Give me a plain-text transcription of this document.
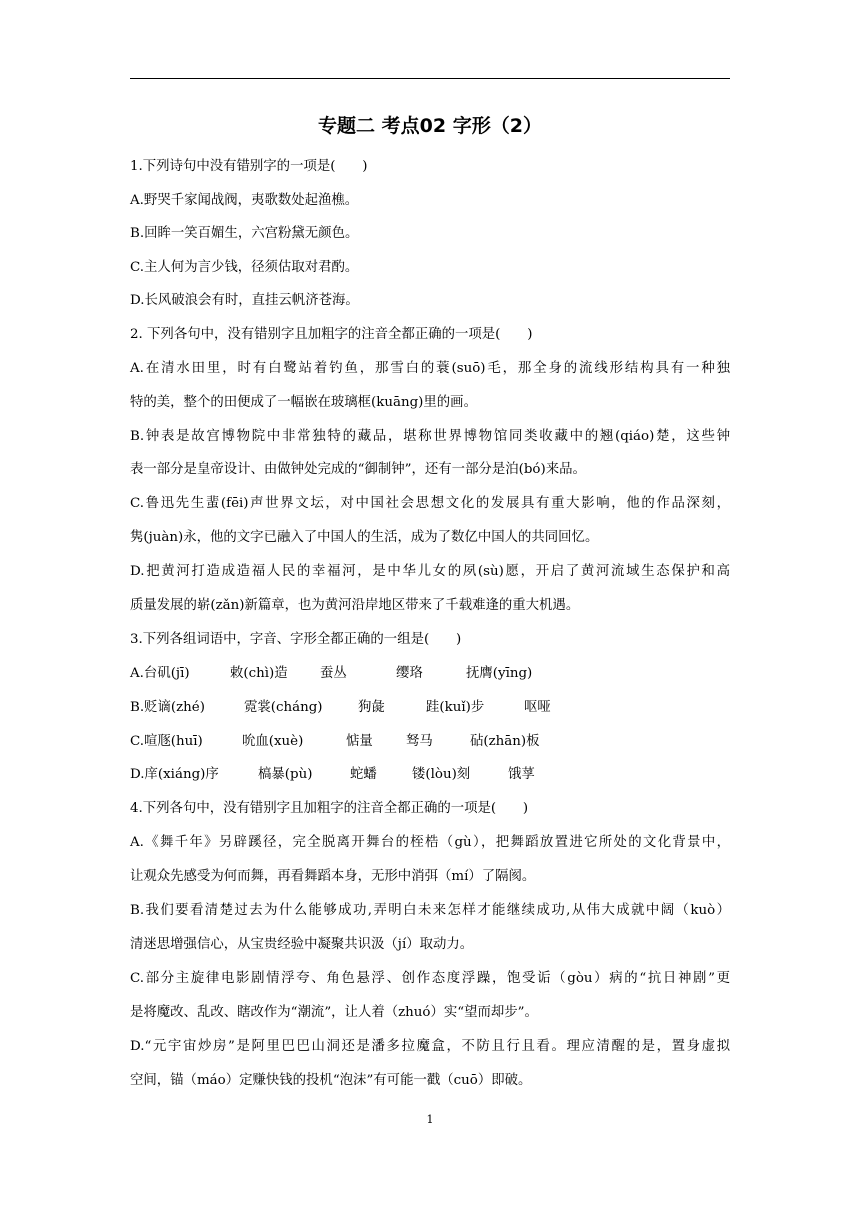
专题二 考点02 字形（2）
1.下列诗句中没有错别字的一项是(　　)
A.野哭千家闻战阀，夷歌数处起渔樵。
B.回眸一笑百媚生，六宫粉黛无颜色。
C.主人何为言少钱，径须估取对君酌。
D.长风破浪会有时，直挂云帆济苍海。
2. 下列各句中，没有错别字且加粗字的注音全都正确的一项是(　　)
A.在清水田里，时有白鹭站着钓鱼，那雪白的蓑(suō)毛，那全身的流线形结构具有一种独
特的美，整个的田便成了一幅嵌在玻璃框(kuāng)里的画。
B.钟表是故宫博物院中非常独特的藏品，堪称世界博物馆同类收藏中的翘(qiáo)楚，这些钟
表一部分是皇帝设计、由做钟处完成的“御制钟”，还有一部分是泊(bó)来品。
C.鲁迅先生蜚(fēi)声世界文坛，对中国社会思想文化的发展具有重大影响，他的作品深刻，
隽(juàn)永，他的文字已融入了中国人的生活，成为了数亿中国人的共同回忆。
D.把黄河打造成造福人民的幸福河，是中华儿女的夙(sù)愿，开启了黄河流域生态保护和高
质量发展的崭(zǎn)新篇章，也为黄河沿岸地区带来了千载难逢的重大机遇。
3.下列各组词语中，字音、字形全都正确的一组是(　　)
A.台矶(jī)	敕(chì)造 蚕丛	缨珞	抚膺(yīng)
B.贬谪(zhé)	霓裳(cháng)	狗彘	跬(kuǐ)步	呕哑
C.喧豗(huī)	吮血(xuè)	惦量 驽马	砧(zhān)板
D.庠(xiáng)序	槁暴(pù)	蛇蟠	镂(lòu)刻	饿莩
4.下列各句中，没有错别字且加粗字的注音全都正确的一项是(　　)
A.《舞千年》另辟蹊径，完全脱离开舞台的桎梏（gù），把舞蹈放置进它所处的文化背景中，
让观众先感受为何而舞，再看舞蹈本身，无形中消弭（mí）了隔阂。
B.我们要看清楚过去为什么能够成功,弄明白未来怎样才能继续成功,从伟大成就中阔（kuò）
清迷思增强信心，从宝贵经验中凝聚共识汲（jí）取动力。
C.部分主旋律电影剧情浮夸、角色悬浮、创作态度浮躁，饱受诟（gòu）病的“抗日神剧”更
是将魔改、乱改、瞎改作为“潮流”，让人着（zhuó）实“望而却步”。
D.“元宇宙炒房”是阿里巴巴山洞还是潘多拉魔盒，不防且行且看。理应清醒的是，置身虚拟
空间，锚（máo）定赚快钱的投机“泡沫”有可能一戳（cuō）即破。
1
